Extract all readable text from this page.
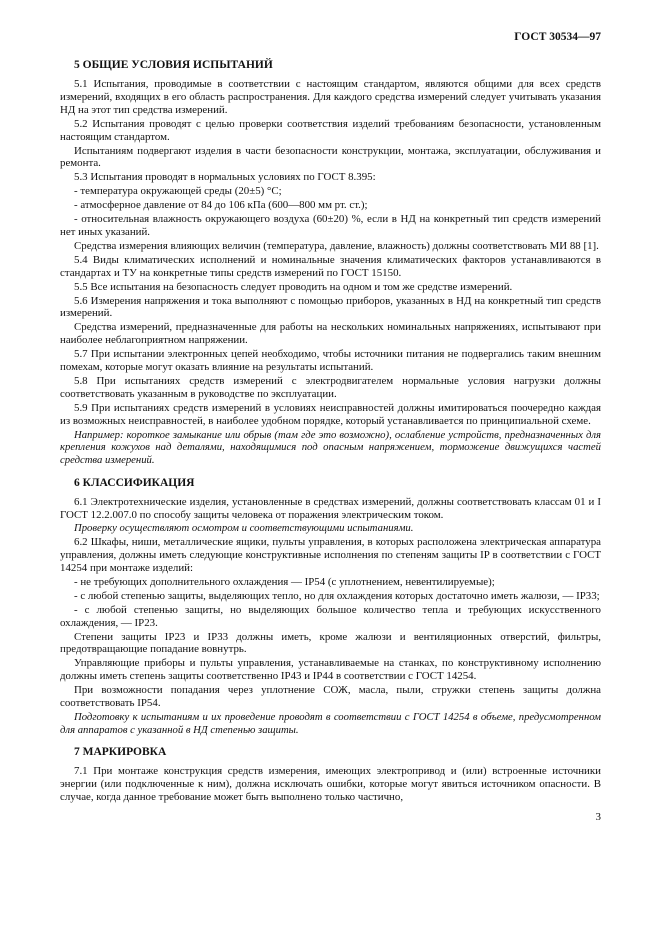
ГОСТ 30534—97
5 ОБЩИЕ УСЛОВИЯ ИСПЫТАНИЙ
5.1 Испытания, проводимые в соответствии с настоящим стандартом, являются общими для всех средств измерений, входящих в его область распространения. Для каждого средства измерений следует учитывать указания НД на этот тип средства измерений.
5.2 Испытания проводят с целью проверки соответствия изделий требованиям безопасности, установленным настоящим стандартом.
Испытаниям подвергают изделия в части безопасности конструкции, монтажа, эксплуатации, обслуживания и ремонта.
5.3 Испытания проводят в нормальных условиях по ГОСТ 8.395:
- температура окружающей среды (20±5) °С;
- атмосферное давление от 84 до 106 кПа (600—800 мм рт. ст.);
- относительная влажность окружающего воздуха (60±20) %, если в НД на конкретный тип средств измерений нет иных указаний.
Средства измерения влияющих величин (температура, давление, влажность) должны соответствовать МИ 88 [1].
5.4 Виды климатических исполнений и номинальные значения климатических факторов устанавливаются в стандартах и ТУ на конкретные типы средств измерений по ГОСТ 15150.
5.5 Все испытания на безопасность следует проводить на одном и том же средстве измерений.
5.6 Измерения напряжения и тока выполняют с помощью приборов, указанных в НД на конкретный тип средств измерений.
Средства измерений, предназначенные для работы на нескольких номинальных напряжениях, испытывают при наиболее неблагоприятном напряжении.
5.7 При испытании электронных цепей необходимо, чтобы источники питания не подвергались таким внешним помехам, которые могут оказать влияние на результаты испытаний.
5.8 При испытаниях средств измерений с электродвигателем нормальные условия нагрузки должны соответствовать указанным в руководстве по эксплуатации.
5.9 При испытаниях средств измерений в условиях неисправностей должны имитироваться поочередно каждая из возможных неисправностей, в наиболее удобном порядке, который устанавливается по принципиальной схеме.
Например: короткое замыкание или обрыв (там где это возможно), ослабление устройств, предназначенных для крепления кожухов над деталями, находящимися под опасным напряжением, торможение движущихся частей средства измерений.
6 КЛАССИФИКАЦИЯ
6.1 Электротехнические изделия, установленные в средствах измерений, должны соответствовать классам 01 и I ГОСТ 12.2.007.0 по способу защиты человека от поражения электрическим током.
Проверку осуществляют осмотром и соответствующими испытаниями.
6.2 Шкафы, ниши, металлические ящики, пульты управления, в которых расположена электрическая аппаратура управления, должны иметь следующие конструктивные исполнения по степеням защиты IP в соответствии с ГОСТ 14254 при монтаже изделий:
- не требующих дополнительного охлаждения — IP54 (с уплотнением, невентилируемые);
- с любой степенью защиты, выделяющих тепло, но для охлаждения которых достаточно иметь жалюзи, — IP33;
- с любой степенью защиты, но выделяющих большое количество тепла и требующих искусственного охлаждения, — IP23.
Степени защиты IP23 и IP33 должны иметь, кроме жалюзи и вентиляционных отверстий, фильтры, предотвращающие попадание вовнутрь.
Управляющие приборы и пульты управления, устанавливаемые на станках, по конструктивному исполнению должны иметь степень защиты соответственно IP43 и IP44 в соответствии с ГОСТ 14254.
При возможности попадания через уплотнение СОЖ, масла, пыли, стружки степень защиты должна соответствовать IP54.
Подготовку к испытаниям и их проведение проводят в соответствии с ГОСТ 14254 в объеме, предусмотренном для аппаратов с указанной в НД степенью защиты.
7 МАРКИРОВКА
7.1 При монтаже конструкция средств измерения, имеющих электропривод и (или) встроенные источники энергии (или подключенные к ним), должна исключать ошибки, которые могут явиться источником опасности. В случае, когда данное требование может быть выполнено только частично,
3
